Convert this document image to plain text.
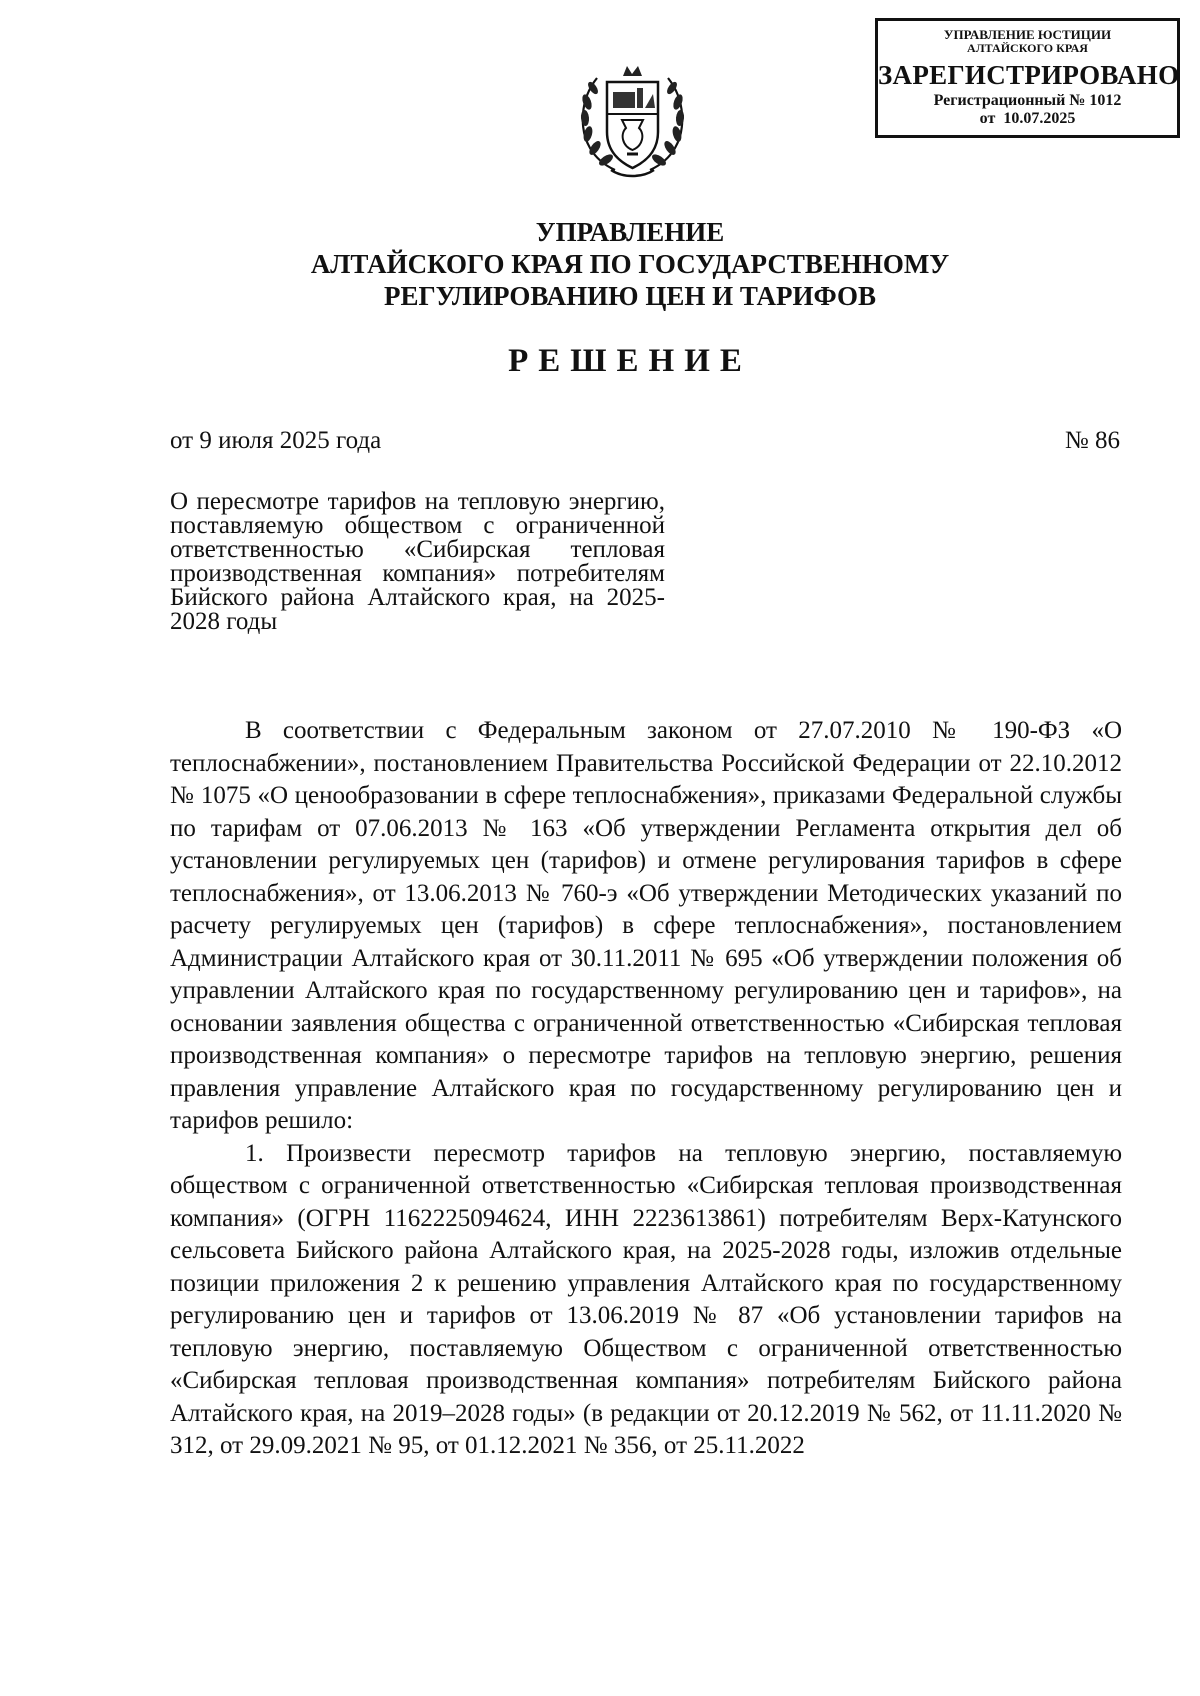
УПРАВЛЕНИЕ ЮСТИЦИИ
АЛТАЙСКОГО КРАЯ
ЗАРЕГИСТРИРОВАНО
Регистрационный № 1012
от  10.07.2025
УПРАВЛЕНИЕ
АЛТАЙСКОГО КРАЯ ПО ГОСУДАРСТВЕННОМУ
РЕГУЛИРОВАНИЮ ЦЕН И ТАРИФОВ
РЕШЕНИЕ
от 9 июля 2025 года	№ 86
О пересмотре тарифов на тепловую энергию, поставляемую обществом с ограниченной ответственностью «Сибирская тепловая производственная компания» потребителям Бийского района Алтайского края, на 2025-2028 годы

В соответствии с Федеральным законом от 27.07.2010 № 190-ФЗ «О теплоснабжении», постановлением Правительства Российской Федерации от 22.10.2012 № 1075 «О ценообразовании в сфере теплоснабжения», приказами Федеральной службы по тарифам от 07.06.2013 № 163 «Об утверждении Регламента открытия дел об установлении регулируемых цен (тарифов) и отмене регулирования тарифов в сфере теплоснабжения», от 13.06.2013 № 760-э «Об утверждении Методических указаний по расчету регулируемых цен (тарифов) в сфере теплоснабжения», постановлением Администрации Алтайского края от 30.11.2011 № 695 «Об утверждении положения об управлении Алтайского края по государственному регулированию цен и тарифов», на основании заявления общества с ограниченной ответственностью «Сибирская тепловая производственная компания» о пересмотре тарифов на тепловую энергию, решения правления управление Алтайского края по государственному регулированию цен и тарифов решило:

1. Произвести пересмотр тарифов на тепловую энергию, поставляемую обществом с ограниченной ответственностью «Сибирская тепловая производственная компания» (ОГРН 1162225094624, ИНН 2223613861) потребителям Верх-Катунского сельсовета Бийского района Алтайского края, на 2025-2028 годы, изложив отдельные позиции приложения 2 к решению управления Алтайского края по государственному регулированию цен и тарифов от 13.06.2019 № 87 «Об установлении тарифов на тепловую энергию, поставляемую Обществом с ограниченной ответственностью «Сибирская тепловая производственная компания» потребителям Бийского района Алтайского края, на 2019–2028 годы» (в редакции от 20.12.2019 № 562, от 11.11.2020 № 312, от 29.09.2021 № 95, от 01.12.2021 № 356, от 25.11.2022
